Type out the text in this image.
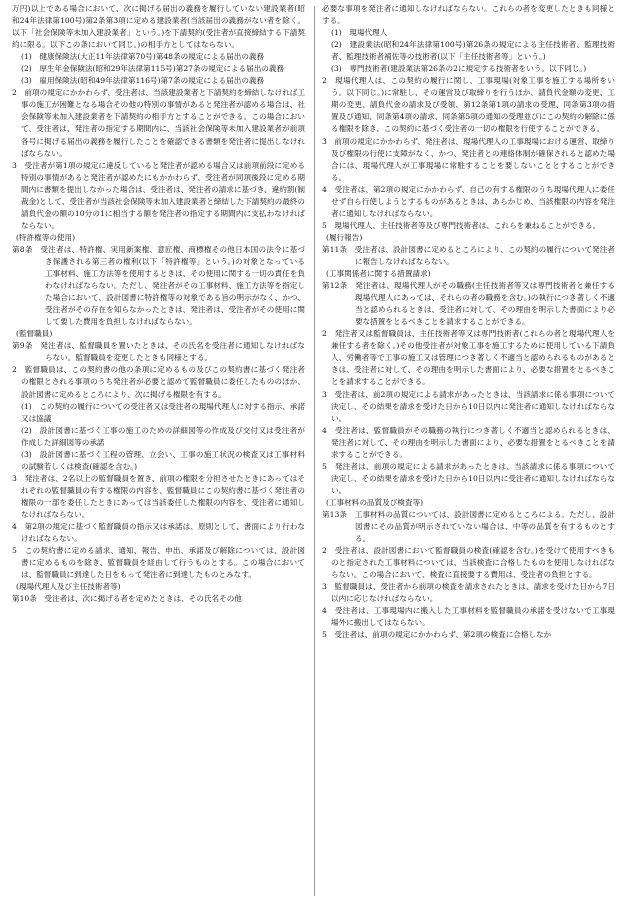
万円)以上である場合において、次に掲げる届出の義務を履行していない建設業者(昭和24年法律第100号)第2条第3項に定める建設業者(当該届出の義務がない者を除く。以下「社会保険等未加入建設業者」という。)を下請契約(受注者が直接締結する下請契約に限る。以下この条において同じ。)の相手方としてはならない。

(1)　健康保険法(大正11年法律第70号)第48条の規定による届出の義務

(2)　厚生年金保険法(昭和29年法律第115号)第27条の規定による届出の義務

(3)　雇用保険法(昭和49年法律第116号)第7条の規定による届出の義務

2　前項の規定にかかわらず、受注者は、当該建設業者と下請契約を締結しなければ工事の施工が困難となる場合その他の特別の事情があると発注者が認める場合は、社会保険等未加入建設業者を下請契約の相手方とすることができる。この場合において、受注者は、発注者の指定する期間内に、当該社会保険等未加入建設業者が前項各号に掲げる届出の義務を履行したことを確認できる書類を発注者に提出しなければならない。

3　受注者が第1項の規定に違反していると発注者が認める場合又は前項前段に定める特別の事情があると発注者が認めたにもかかわらず、受注者が同項後段に定める期間内に書類を提出しなかった場合は、受注者は、発注者の請求に基づき、違約罰(制裁金)として、受注者が当該社会保険等未加入建設業者と締結した下請契約の最終の請負代金の額の10分の1に相当する額を発注者の指定する期間内に支払わなければならない。

(特許権等の使用)

第8条　受注者は、特許権、実用新案権、意匠権、商標権その他日本国の法令に基づき保護される第三者の権利(以下「特許権等」という。)の対象となっている工事材料、施工方法等を使用するときは、その使用に関する一切の責任を負わなければならない。ただし、発注者がその工事材料、施工方法等を指定した場合において、設計図書に特許権等の対象である旨の明示がなく、かつ、受注者がその存在を知らなかったときは、発注者は、受注者がその使用に関して要した費用を負担しなければならない。

(監督職員)

第9条　発注者は、監督職員を置いたときは、その氏名を受注者に通知しなければならない。監督職員を変更したときも同様とする。

2　監督職員は、この契約書の他の条項に定めるもの及びこの契約書に基づく発注者の権限とされる事項のうち発注者が必要と認めて監督職員に委任したもののほか、設計図書に定めるところにより、次に掲げる権限を有する。

(1)　この契約の履行についての受注者又は受注者の現場代理人に対する指示、承諾又は協議

(2)　設計図書に基づく工事の施工のための詳細図等の作成及び交付又は受注者が作成した詳細図等の承諾

(3)　設計図書に基づく工程の管理、立会い、工事の施工状況の検査又は工事材料の試験若しくは検査(確認を含む。)

3　発注者は、2名以上の監督職員を置き、前項の権限を分担させたときにあってはそれぞれの監督職員の有する権限の内容を、監督職員にこの契約書に基づく発注者の権限の一部を委任したときにあっては当該委任した権限の内容を、受注者に通知しなければならない。

4　第2項の規定に基づく監督職員の指示又は承諾は、原則として、書面により行わなければならない。

5　この契約書に定める請求、通知、報告、申出、承諾及び解除については、設計図書に定めるものを除き、監督職員を経由して行うものとする。この場合においては、監督職員に到達した日をもって発注者に到達したものとみなす。

(現場代理人及び主任技術者等)

第10条　受注者は、次に掲げる者を定めたときは、その氏名その他

必要な事項を発注者に通知しなければならない。これらの者を変更したときも同様とする。

(1)　現場代理人

(2)　建設業法(昭和24年法律第100号)第26条の規定による主任技術者、監理技術者、監理技術者補佐等の技術者(以下「主任技術者等」という。)

(3)　専門技術者(建設業法第26条の2に規定する技術者をいう。以下同じ。)

2　現場代理人は、この契約の履行に関し、工事現場(対象工事を施工する場所をいう。以下同じ。)に常駐し、その運営及び取締りを行うほか、請負代金額の変更、工期の変更、請負代金の請求及び受領、第12条第1項の請求の受理、同条第3項の措置及び通知、同条第4項の請求、同条第5項の通知の受理並びにこの契約の解除に係る権限を除き、この契約に基づく受注者の一切の権限を行使することができる。

3　前項の規定にかかわらず、発注者は、現場代理人の工事現場における運営、取締り及び権限の行使に支障がなく、かつ、発注者との連絡体制が確保されると認めた場合には、現場代理人が工事現場に常駐することを要しないこととすることができる。

4　受注者は、第2項の規定にかかわらず、自己の有する権限のうち現場代理人に委任せず自ら行使しようとするものがあるときは、あらかじめ、当該権限の内容を発注者に通知しなければならない。

5　現場代理人、主任技術者等及び専門技術者は、これらを兼ねることができる。

(履行報告)

第11条　受注者は、設計図書に定めるところにより、この契約の履行について発注者に報告しなければならない。

(工事関係者に関する措置請求)

第12条　発注者は、現場代理人がその職務(主任技術者等又は専門技術者と兼任する現場代理人にあっては、それらの者の職務を含む。)の執行につき著しく不適当と認められるときは、受注者に対して、その理由を明示した書面により必要な措置をとるべきことを請求することができる。

2　発注者又は監督職員は、主任技術者等又は専門技術者(これらの者と現場代理人を兼任する者を除く。)その他受注者が対象工事を施工するために使用している下請負人、労働者等で工事の施工又は管理につき著しく不適当と認められるものがあるときは、受注者に対して、その理由を明示した書面により、必要な措置をとるべきことを請求することができる。

3　受注者は、前2項の規定による請求があったときは、当該請求に係る事項について決定し、その結果を請求を受けた日から10日以内に発注者に通知しなければならない。

4　受注者は、監督職員がその職務の執行につき著しく不適当と認められるときは、発注者に対して、その理由を明示した書面により、必要な措置をとるべきことを請求することができる。

5　発注者は、前項の規定による請求があったときは、当該請求に係る事項について決定し、その結果を請求を受けた日から10日以内に受注者に通知しなければならない。

(工事材料の品質及び検査等)

第13条　工事材料の品質については、設計図書に定めるところによる。ただし、設計図書にその品質が明示されていない場合は、中等の品質を有するものとする。

2　受注者は、設計図書において監督職員の検査(確認を含む。)を受けて使用すべきものと指定された工事材料については、当該検査に合格したものを使用しなければならない。この場合において、検査に直接要する費用は、受注者の負担とする。

3　監督職員は、受注者から前項の検査を請求されたときは、請求を受けた日から7日以内に応じなければならない。

4　受注者は、工事現場内に搬入した工事材料を監督職員の承諾を受けないで工事現場外に搬出してはならない。

5　受注者は、前項の規定にかかわらず、第2項の検査に合格しなか
